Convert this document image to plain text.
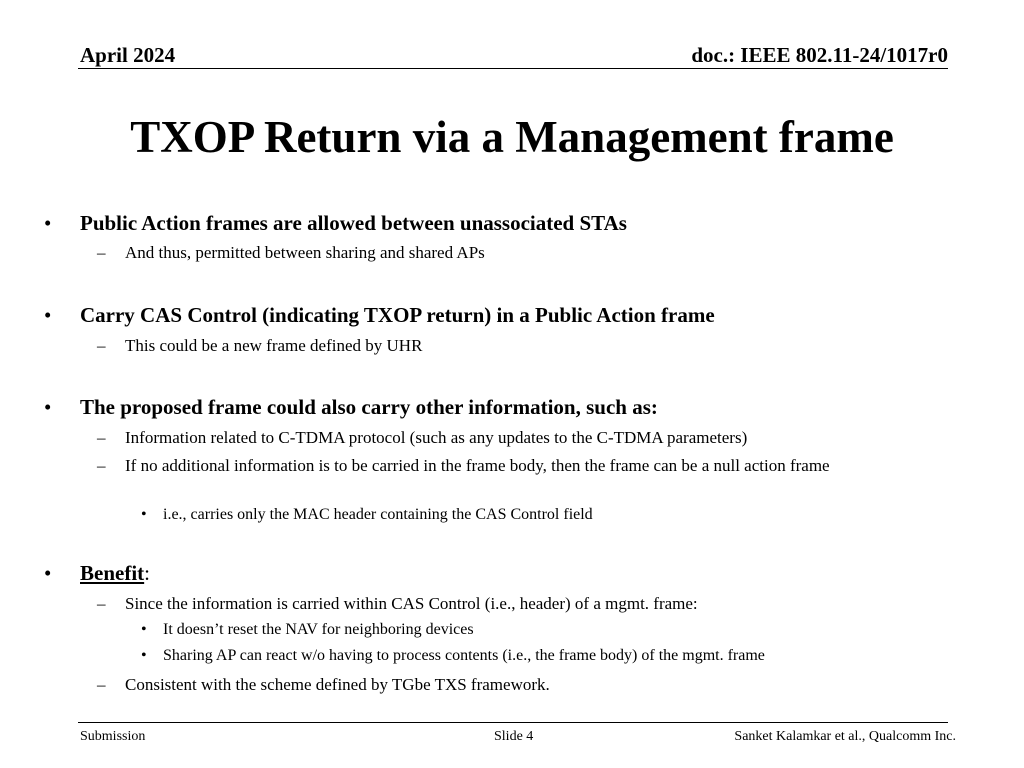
April 2024	doc.: IEEE 802.11-24/1017r0
TXOP Return via a Management frame
• Public Action frames are allowed between unassociated STAs
– And thus, permitted between sharing and shared APs
• Carry CAS Control (indicating TXOP return) in a Public Action frame
– This could be a new frame defined by UHR
• The proposed frame could also carry other information, such as:
– Information related to C-TDMA protocol (such as any updates to the C-TDMA parameters)
– If no additional information is to be carried in the frame body, then the frame can be a null action frame
• i.e., carries only the MAC header containing the CAS Control field
• Benefit:
– Since the information is carried within CAS Control (i.e., header) of a mgmt. frame:
• It doesn’t reset the NAV for neighboring devices
• Sharing AP can react w/o having to process contents (i.e., the frame body) of the mgmt. frame
– Consistent with the scheme defined by TGbe TXS framework.
Submission	Slide 4	Sanket Kalamkar et al., Qualcomm Inc.
